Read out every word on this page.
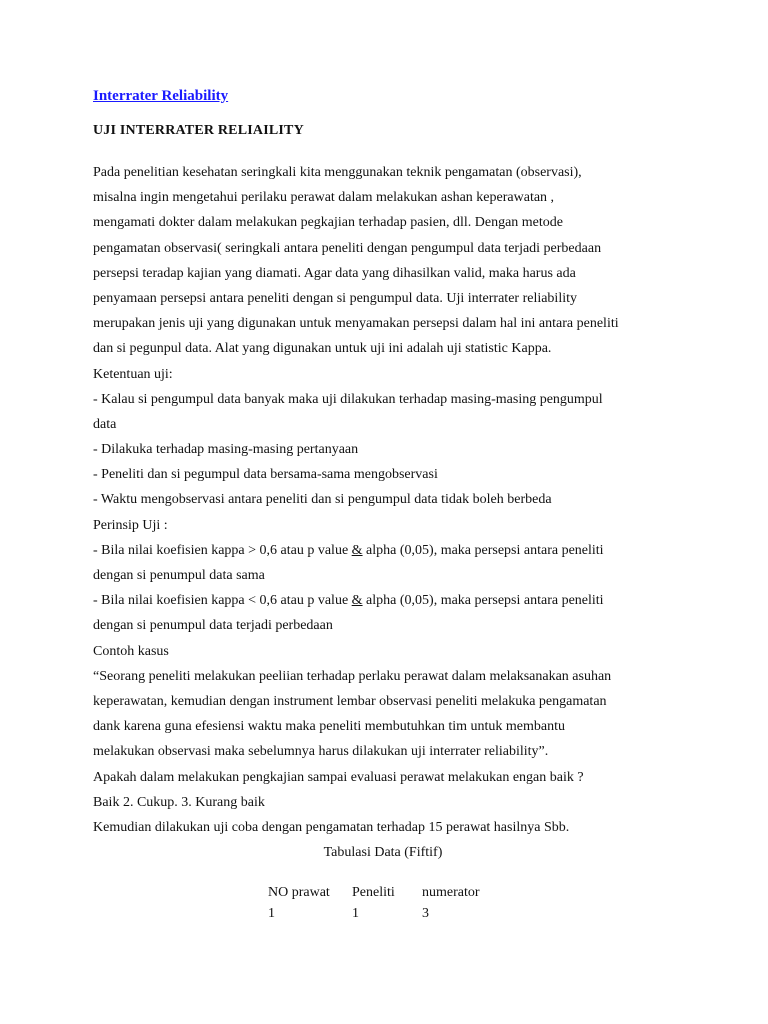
Interrater Reliability
UJI INTERRATER RELIAILITY
Pada penelitian kesehatan seringkali kita menggunakan teknik pengamatan (observasi),
misalna ingin mengetahui perilaku perawat dalam melakukan ashan keperawatan ,
mengamati dokter dalam melakukan pegkajian terhadap pasien, dll. Dengan metode
pengamatan observasi( seringkali antara peneliti dengan pengumpul data terjadi perbedaan
persepsi teradap kajian yang diamati. Agar data yang dihasilkan valid, maka harus ada
penyamaan persepsi antara peneliti dengan si pengumpul data. Uji interrater reliability
merupakan jenis uji yang digunakan untuk menyamakan persepsi dalam hal ini antara peneliti
dan si pegunpul data. Alat yang digunakan untuk uji ini adalah uji statistic Kappa.
Ketentuan uji:
- Kalau si pengumpul data banyak maka uji dilakukan terhadap masing-masing pengumpul
data
- Dilakuka terhadap masing-masing pertanyaan
- Peneliti dan si pegumpul data bersama-sama mengobservasi
- Waktu mengobservasi antara peneliti dan si pengumpul data tidak boleh berbeda
Perinsip Uji :
- Bila nilai koefisien kappa > 0,6 atau p value & alpha (0,05), maka persepsi antara peneliti
dengan si penumpul data sama
- Bila nilai koefisien kappa < 0,6 atau p value & alpha (0,05), maka persepsi antara peneliti
dengan si penumpul data terjadi perbedaan
Contoh kasus
“Seorang peneliti melakukan peeliian terhadap perlaku perawat dalam melaksanakan asuhan
keperawatan, kemudian dengan instrument lembar observasi peneliti melakuka pengamatan
dank karena guna efesiensi waktu maka peneliti membutuhkan tim untuk membantu
melakukan observasi maka sebelumnya harus dilakukan uji interrater reliability”.
Apakah dalam melakukan pengkajian sampai evaluasi perawat melakukan engan baik ?
Baik 2. Cukup. 3. Kurang baik
Kemudian dilakukan uji coba dengan pengamatan terhadap 15 perawat hasilnya Sbb.
Tabulasi Data (Fiftif)
NO prawat	Peneliti	numerator
1	1	3
